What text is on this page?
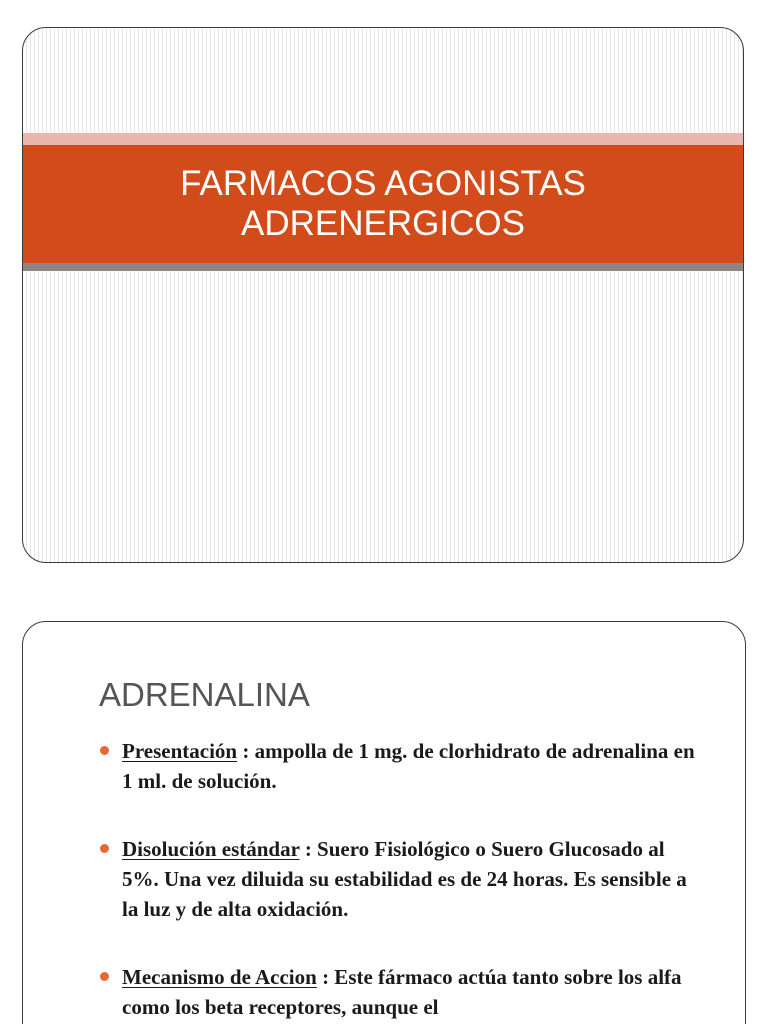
FARMACOS AGONISTAS
ADRENERGICOS
ADRENALINA
Presentación : ampolla de 1 mg. de clorhidrato de adrenalina en 1 ml. de solución.
Disolución estándar : Suero Fisiológico o Suero Glucosado al 5%. Una vez diluida su estabilidad es de 24 horas. Es sensible a la luz y de alta oxidación.
Mecanismo de Accion : Este fármaco actúa tanto sobre los alfa como los beta receptores, aunque el
